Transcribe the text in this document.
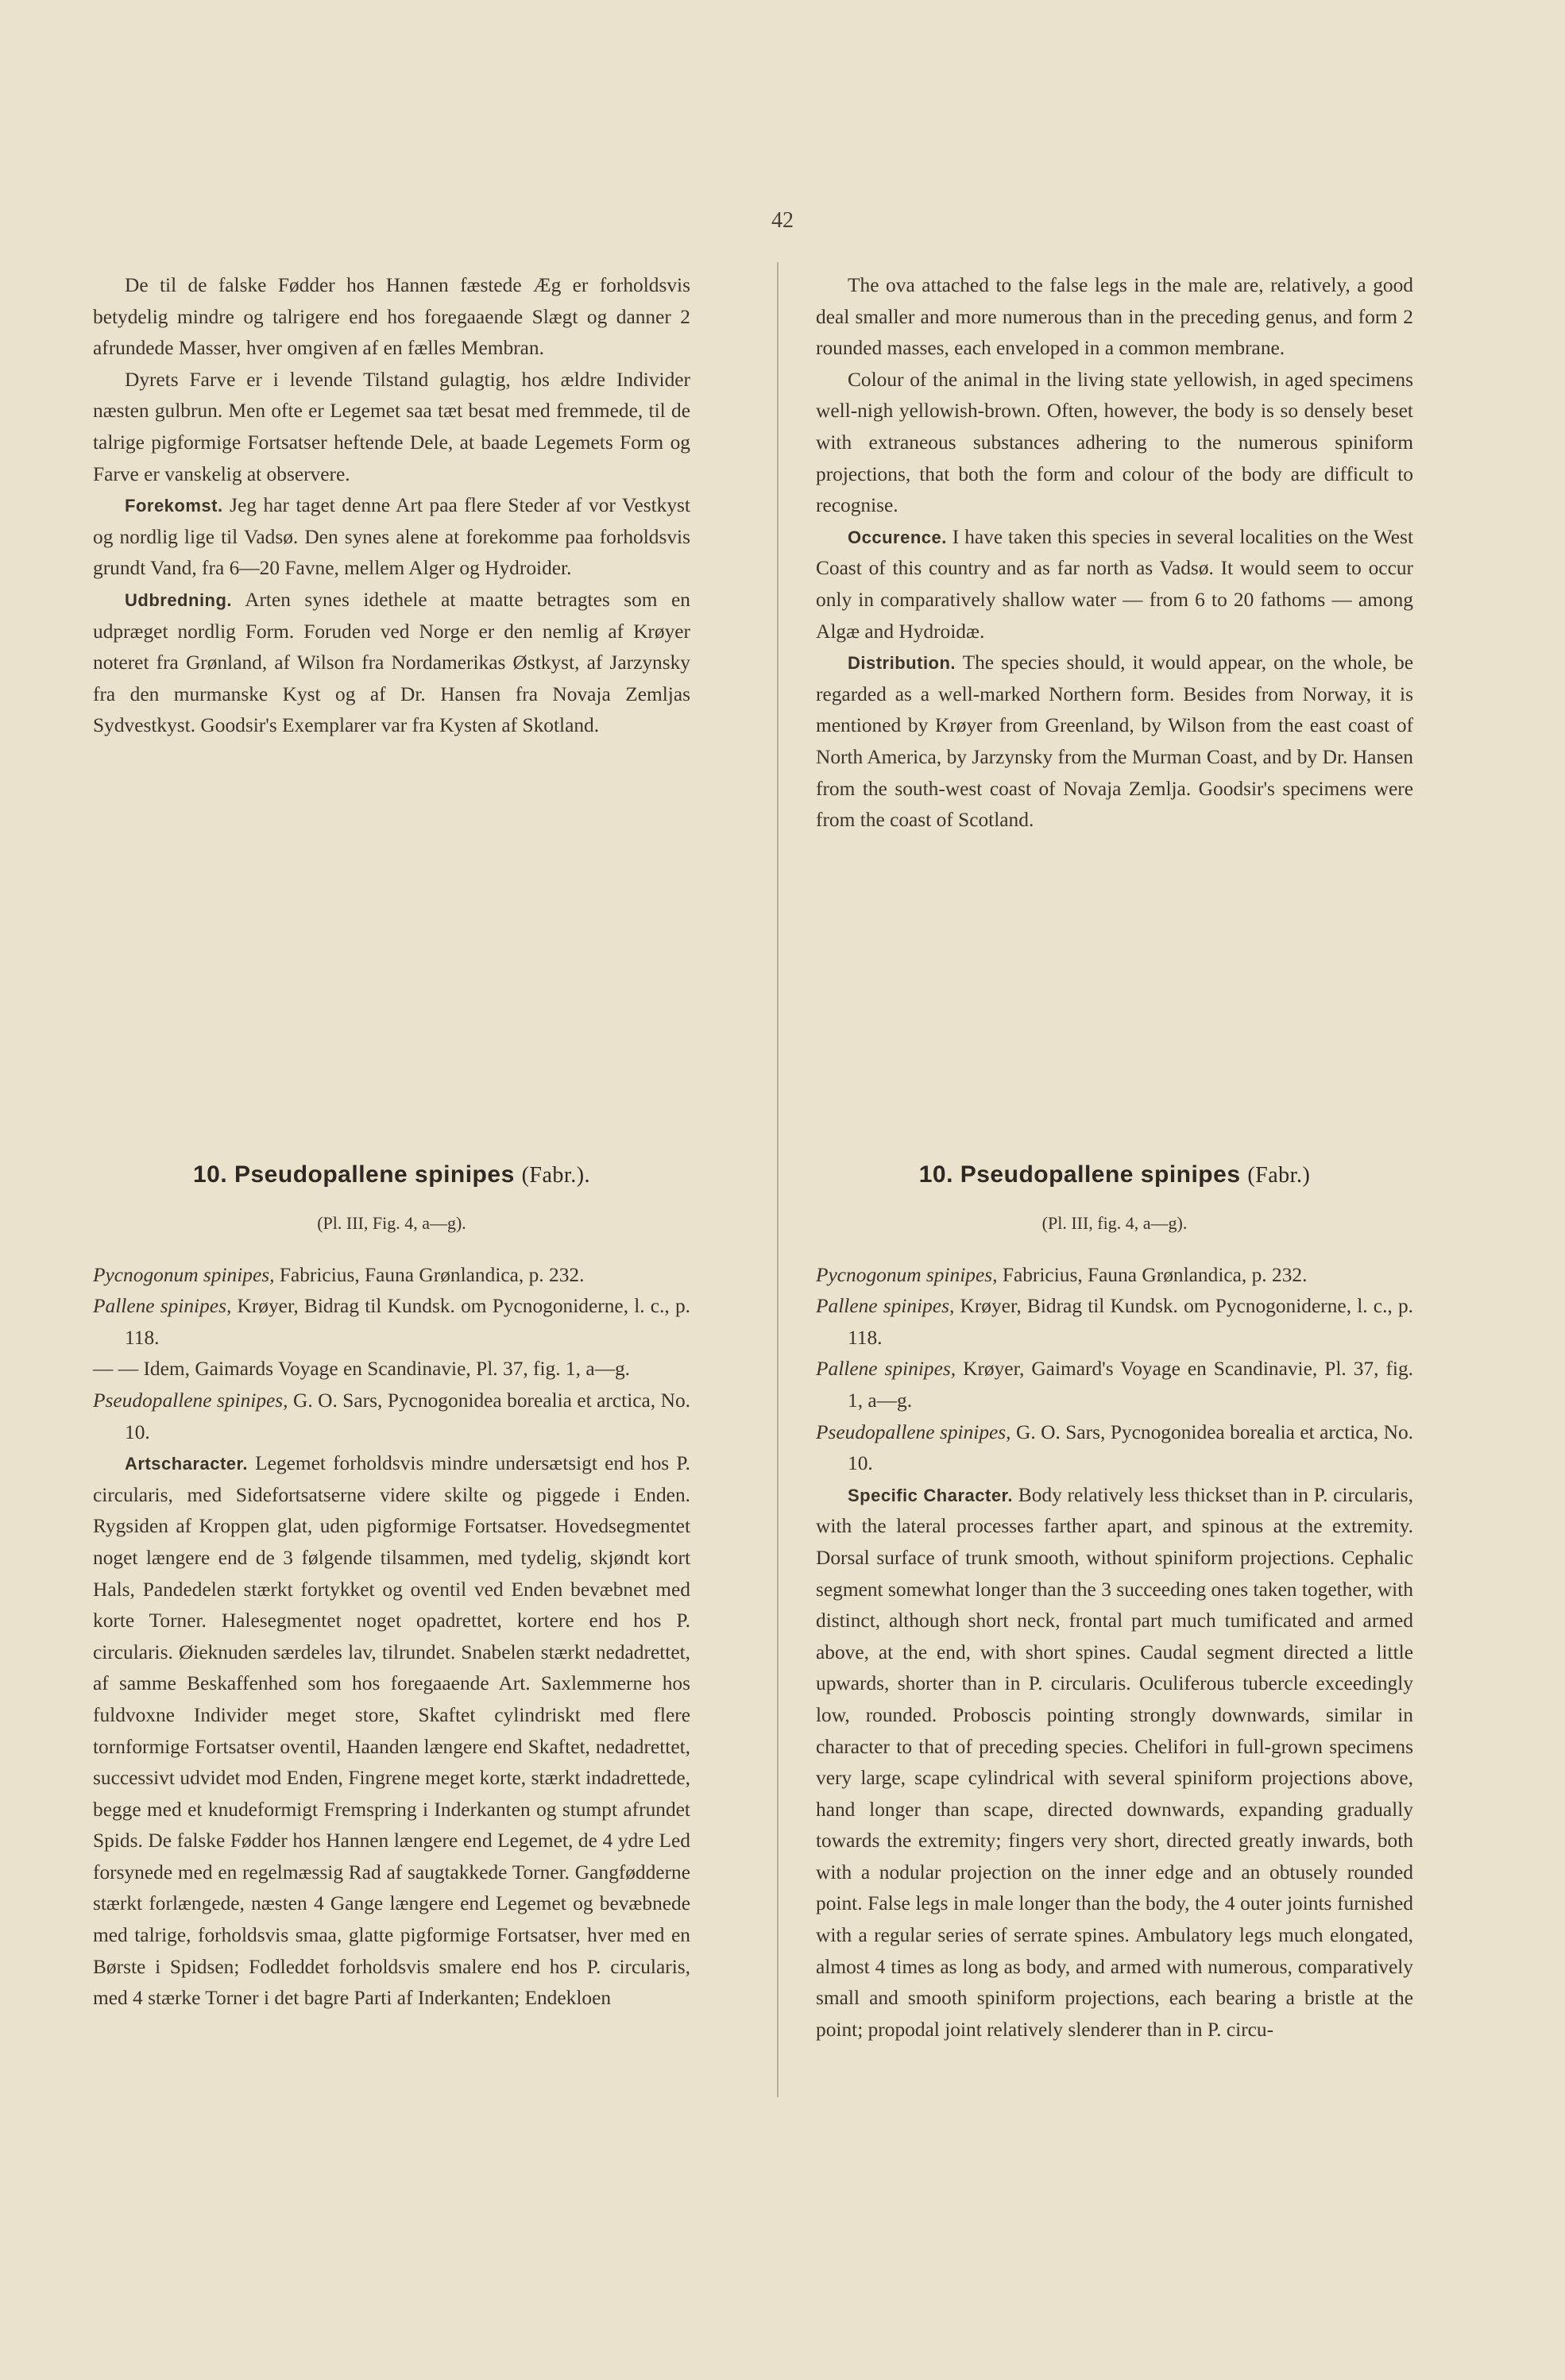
42

De til de falske Fødder hos Hannen fæstede Æg er forholdsvis betydelig mindre og talrigere end hos foregaaende Slægt og danner 2 afrundede Masser, hver omgiven af en fælles Membran.

Dyrets Farve er i levende Tilstand gulagtig, hos ældre Individer næsten gulbrun. Men ofte er Legemet saa tæt besat med fremmede, til de talrige pigformige Fortsatser heftende Dele, at baade Legemets Form og Farve er vanskelig at observere.

Forekomst. Jeg har taget denne Art paa flere Steder af vor Vestkyst og nordlig lige til Vadsø. Den synes alene at forekomme paa forholdsvis grundt Vand, fra 6—20 Favne, mellem Alger og Hydroider.

Udbredning. Arten synes idethele at maatte betragtes som en udpræget nordlig Form. Foruden ved Norge er den nemlig af Krøyer noteret fra Grønland, af Wilson fra Nordamerikas Østkyst, af Jarzynsky fra den murmanske Kyst og af Dr. Hansen fra Novaja Zemljas Sydvestkyst. Goodsir's Exemplarer var fra Kysten af Skotland.

The ova attached to the false legs in the male are, relatively, a good deal smaller and more numerous than in the preceding genus, and form 2 rounded masses, each enveloped in a common membrane.

Colour of the animal in the living state yellowish, in aged specimens well-nigh yellowish-brown. Often, however, the body is so densely beset with extraneous substances adhering to the numerous spiniform projections, that both the form and colour of the body are difficult to recognise.

Occurence. I have taken this species in several localities on the West Coast of this country and as far north as Vadsø. It would seem to occur only in comparatively shallow water — from 6 to 20 fathoms — among Algæ and Hydroidæ.

Distribution. The species should, it would appear, on the whole, be regarded as a well-marked Northern form. Besides from Norway, it is mentioned by Krøyer from Greenland, by Wilson from the east coast of North America, by Jarzynsky from the Murman Coast, and by Dr. Hansen from the south-west coast of Novaja Zemlja. Goodsir's specimens were from the coast of Scotland.

10. Pseudopallene spinipes (Fabr.).
(Pl. III, Fig. 4, a—g).

Pycnogonum spinipes, Fabricius, Fauna Grønlandica, p. 232.

Pallene spinipes, Krøyer, Bidrag til Kundsk. om Pycnogoniderne, l. c., p. 118.

— — Idem, Gaimards Voyage en Scandinavie, Pl. 37, fig. 1, a—g.

Pseudopallene spinipes, G. O. Sars, Pycnogonidea borealia et arctica, No. 10.

Artscharacter. Legemet forholdsvis mindre undersætsigt end hos P. circularis, med Sidefortsatserne videre skilte og piggede i Enden. Rygsiden af Kroppen glat, uden pigformige Fortsatser. Hovedsegmentet noget længere end de 3 følgende tilsammen, med tydelig, skjøndt kort Hals, Pandedelen stærkt fortykket og oventil ved Enden bevæbnet med korte Torner. Halesegmentet noget opadrettet, kortere end hos P. circularis. Øieknuden særdeles lav, tilrundet. Snabelen stærkt nedadrettet, af samme Beskaffenhed som hos foregaaende Art. Saxlemmerne hos fuldvoxne Individer meget store, Skaftet cylindriskt med flere tornformige Fortsatser oventil, Haanden længere end Skaftet, nedadrettet, successivt udvidet mod Enden, Fingrene meget korte, stærkt indadrettede, begge med et knudeformigt Fremspring i Inderkanten og stumpt afrundet Spids. De falske Fødder hos Hannen længere end Legemet, de 4 ydre Led forsynede med en regelmæssig Rad af saugtakkede Torner. Gangfødderne stærkt forlængede, næsten 4 Gange længere end Legemet og bevæbnede med talrige, forholdsvis smaa, glatte pigformige Fortsatser, hver med en Børste i Spidsen; Fodleddet forholdsvis smalere end hos P. circularis, med 4 stærke Torner i det bagre Parti af Inderkanten; Endekloen

10. Pseudopallene spinipes (Fabr.)
(Pl. III, fig. 4, a—g).

Pycnogonum spinipes, Fabricius, Fauna Grønlandica, p. 232.

Pallene spinipes, Krøyer, Bidrag til Kundsk. om Pycnogoniderne, l. c., p. 118.

Pallene spinipes, Krøyer, Gaimard's Voyage en Scandinavie, Pl. 37, fig. 1, a—g.

Pseudopallene spinipes, G. O. Sars, Pycnogonidea borealia et arctica, No. 10.

Specific Character. Body relatively less thickset than in P. circularis, with the lateral processes farther apart, and spinous at the extremity. Dorsal surface of trunk smooth, without spiniform projections. Cephalic segment somewhat longer than the 3 succeeding ones taken together, with distinct, although short neck, frontal part much tumificated and armed above, at the end, with short spines. Caudal segment directed a little upwards, shorter than in P. circularis. Oculiferous tubercle exceedingly low, rounded. Proboscis pointing strongly downwards, similar in character to that of preceding species. Chelifori in full-grown specimens very large, scape cylindrical with several spiniform projections above, hand longer than scape, directed downwards, expanding gradually towards the extremity; fingers very short, directed greatly inwards, both with a nodular projection on the inner edge and an obtusely rounded point. False legs in male longer than the body, the 4 outer joints furnished with a regular series of serrate spines. Ambulatory legs much elongated, almost 4 times as long as body, and armed with numerous, comparatively small and smooth spiniform projections, each bearing a bristle at the point; propodal joint relatively slenderer than in P. circu-
